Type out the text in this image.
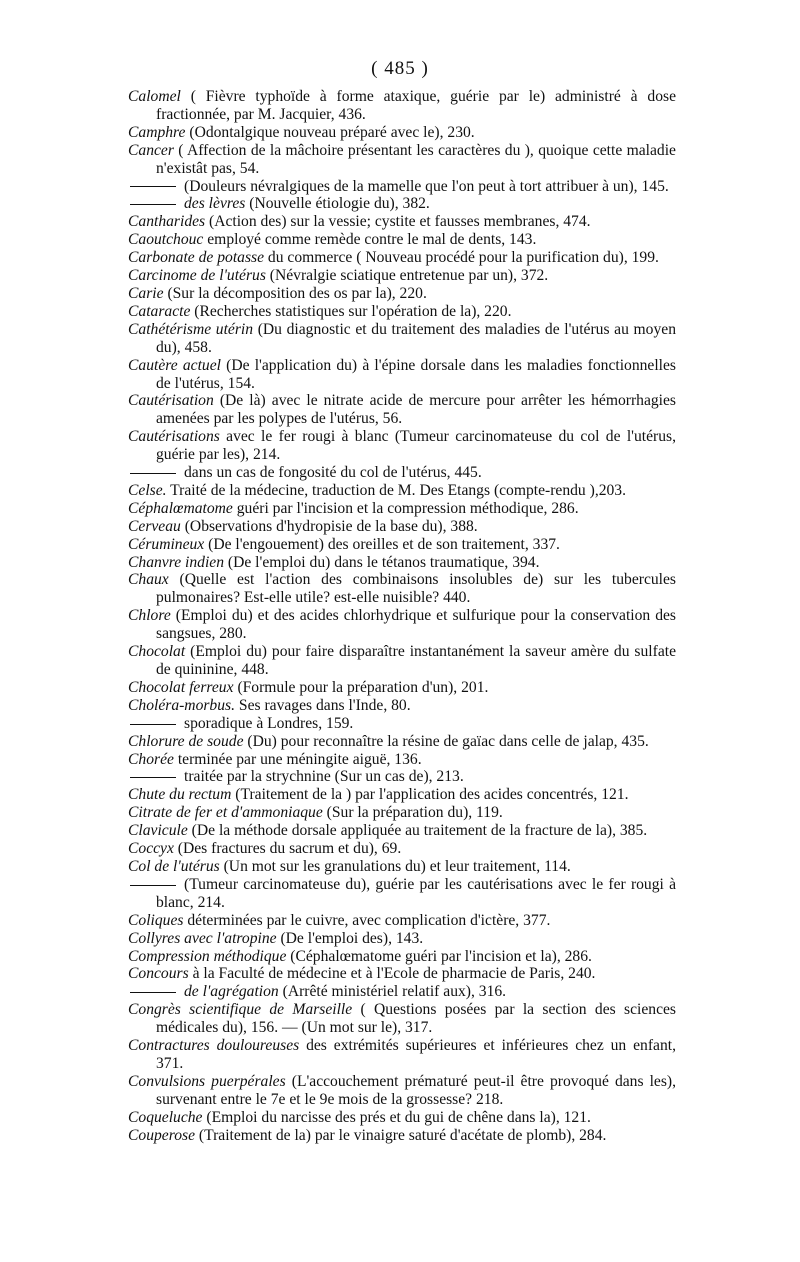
( 485 )
Calomel ( Fièvre typhoïde à forme ataxique, guérie par le) administré à dose fractionnée, par M. Jacquier, 436.
Camphre (Odontalgique nouveau préparé avec le), 230.
Cancer ( Affection de la mâchoire présentant les caractères du ), quoique cette maladie n'existât pas, 54.
(Douleurs névralgiques de la mamelle que l'on peut à tort attribuer à un), 145.
des lèvres (Nouvelle étiologie du), 382.
Cantharides (Action des) sur la vessie; cystite et fausses membranes, 474.
Caoutchouc employé comme remède contre le mal de dents, 143.
Carbonate de potasse du commerce ( Nouveau procédé pour la purification du), 199.
Carcinome de l'utérus (Névralgie sciatique entretenue par un), 372.
Carie (Sur la décomposition des os par la), 220.
Cataracte (Recherches statistiques sur l'opération de la), 220.
Cathétérisme utérin (Du diagnostic et du traitement des maladies de l'utérus au moyen du), 458.
Cautère actuel (De l'application du) à l'épine dorsale dans les maladies fonctionnelles de l'utérus, 154.
Cautérisation (De là) avec le nitrate acide de mercure pour arrêter les hémorrhagies amenées par les polypes de l'utérus, 56.
Cautérisations avec le fer rougi à blanc (Tumeur carcinomateuse du col de l'utérus, guérie par les), 214.
dans un cas de fongosité du col de l'utérus, 445.
Celse. Traité de la médecine, traduction de M. Des Etangs (compte-rendu ),203.
Céphalœmatome guéri par l'incision et la compression méthodique, 286.
Cerveau (Observations d'hydropisie de la base du), 388.
Cérumineux (De l'engouement) des oreilles et de son traitement, 337.
Chanvre indien (De l'emploi du) dans le tétanos traumatique, 394.
Chaux (Quelle est l'action des combinaisons insolubles de) sur les tubercules pulmonaires? Est-elle utile? est-elle nuisible? 440.
Chlore (Emploi du) et des acides chlorhydrique et sulfurique pour la conservation des sangsues, 280.
Chocolat (Emploi du) pour faire disparaître instantanément la saveur amère du sulfate de quininine, 448.
Chocolat ferreux (Formule pour la préparation d'un), 201.
Choléra-morbus. Ses ravages dans l'Inde, 80.
sporadique à Londres, 159.
Chlorure de soude (Du) pour reconnaître la résine de gaïac dans celle de jalap, 435.
Chorée terminée par une méningite aiguë, 136.
traitée par la strychnine (Sur un cas de), 213.
Chute du rectum (Traitement de la ) par l'application des acides concentrés, 121.
Citrate de fer et d'ammoniaque (Sur la préparation du), 119.
Clavicule (De la méthode dorsale appliquée au traitement de la fracture de la), 385.
Coccyx (Des fractures du sacrum et du), 69.
Col de l'utérus (Un mot sur les granulations du) et leur traitement, 114.
(Tumeur carcinomateuse du), guérie par les cautérisations avec le fer rougi à blanc, 214.
Coliques déterminées par le cuivre, avec complication d'ictère, 377.
Collyres avec l'atropine (De l'emploi des), 143.
Compression méthodique (Céphalœmatome guéri par l'incision et la), 286.
Concours à la Faculté de médecine et à l'Ecole de pharmacie de Paris, 240.
de l'agrégation (Arrêté ministériel relatif aux), 316.
Congrès scientifique de Marseille ( Questions posées par la section des sciences médicales du), 156. — (Un mot sur le), 317.
Contractures douloureuses des extrémités supérieures et inférieures chez un enfant, 371.
Convulsions puerpérales (L'accouchement prématuré peut-il être provoqué dans les), survenant entre le 7e et le 9e mois de la grossesse? 218.
Coqueluche (Emploi du narcisse des prés et du gui de chêne dans la), 121.
Couperose (Traitement de la) par le vinaigre saturé d'acétate de plomb), 284.
